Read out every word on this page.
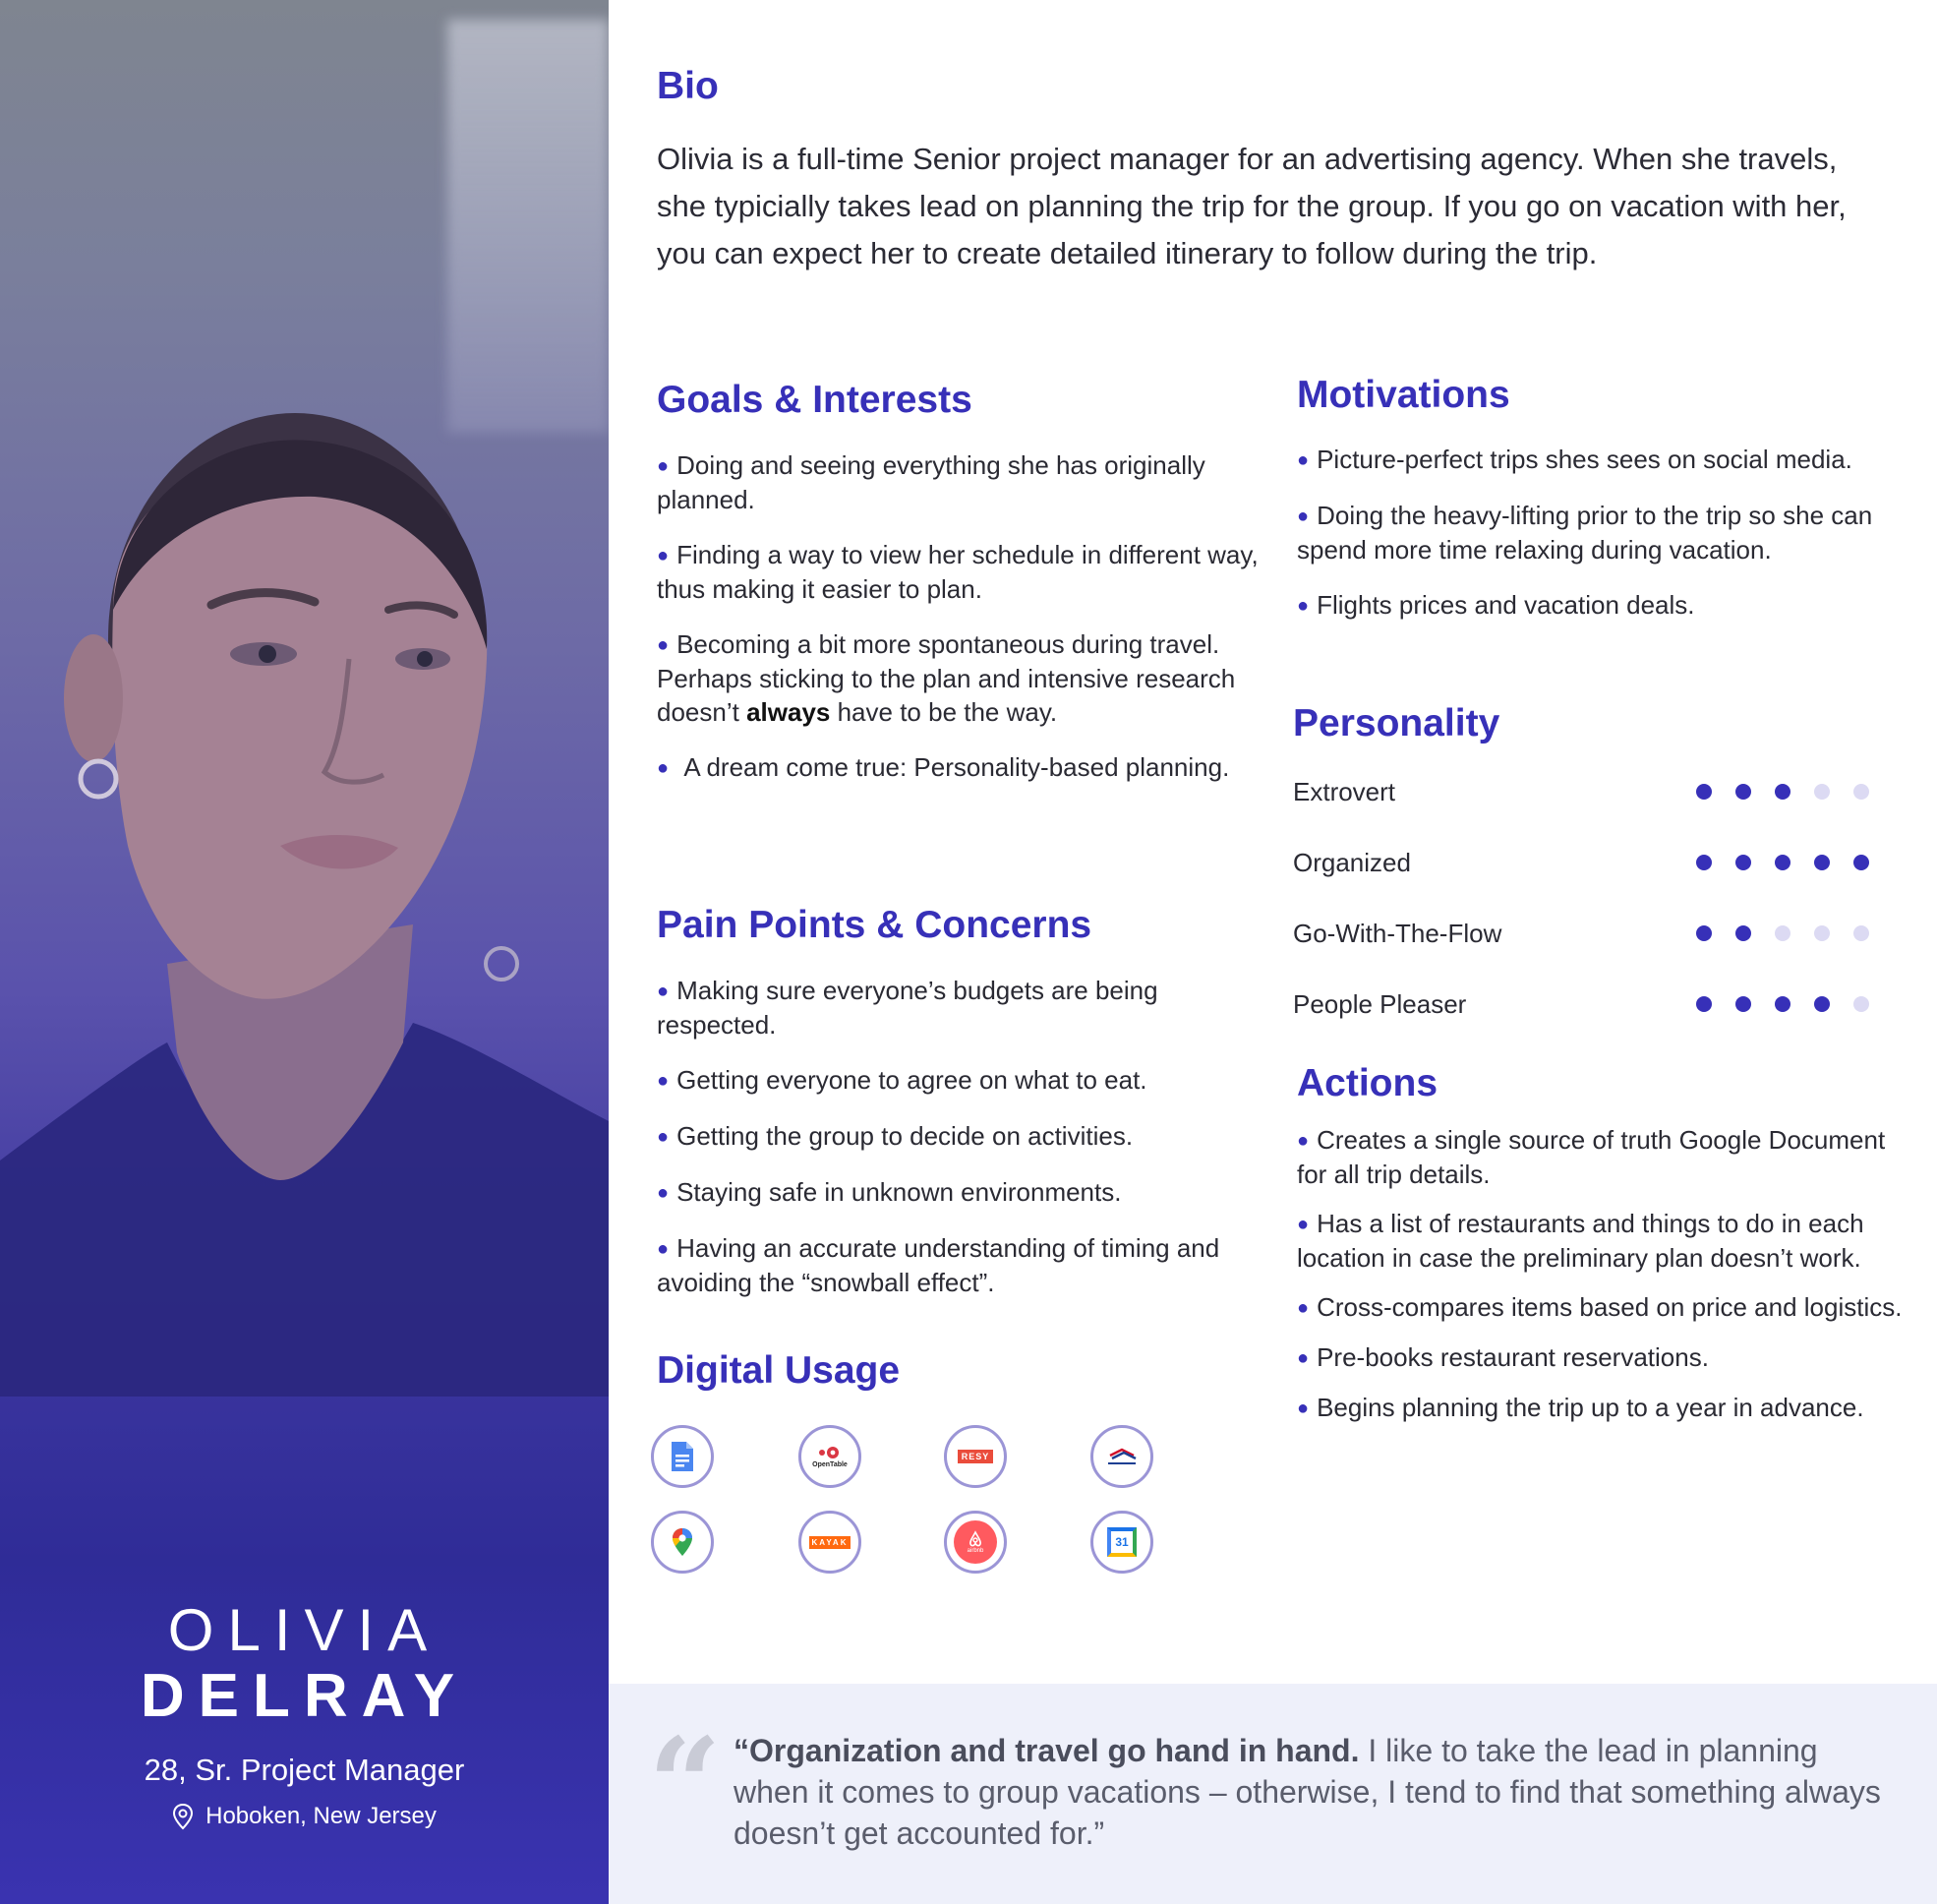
OLIVIA
DELRAY
28, Sr. Project Manager
Hoboken, New Jersey
Bio

Olivia is a full-time Senior project manager for an advertising agency. When she travels, she typicially takes lead on planning the trip for the group. If you go on vacation with her, you can expect her to create detailed itinerary to follow during the trip.

Goals & Interests
● Doing and seeing everything she has originally planned.
● Finding a way to view her schedule in different way, thus making it easier to plan.
● Becoming a bit more spontaneous during travel. Perhaps sticking to the plan and intensive research doesn’t always have to be the way.
● A dream come true: Personality-based planning.
Pain Points & Concerns
● Making sure everyone’s budgets are being respected.
● Getting everyone to agree on what to eat.
● Getting the group to decide on activities.
● Staying safe in unknown environments.
● Having an accurate understanding of timing and avoiding the “snowball effect”.
Digital Usage
OpenTable
RESY
KAYAK
airbnb
31
Motivations
● Picture-perfect trips shes sees on social media.
● Doing the heavy-lifting prior to the trip so she can spend more time relaxing during vacation.
● Flights prices and vacation deals.
Personality
Extrovert
Organized
Go-With-The-Flow
People Pleaser
Actions
● Creates a single source of truth Google Document for all trip details.
● Has a list of restaurants and things to do in each location in case the preliminary plan doesn’t work.
● Cross-compares items based on price and logistics.
● Pre-books restaurant reservations.
● Begins planning the trip up to a year in advance.
“ “Organization and travel go hand in hand. I like to take the lead in planning when it comes to group vacations – otherwise, I tend to find that something always doesn’t get accounted for.”
